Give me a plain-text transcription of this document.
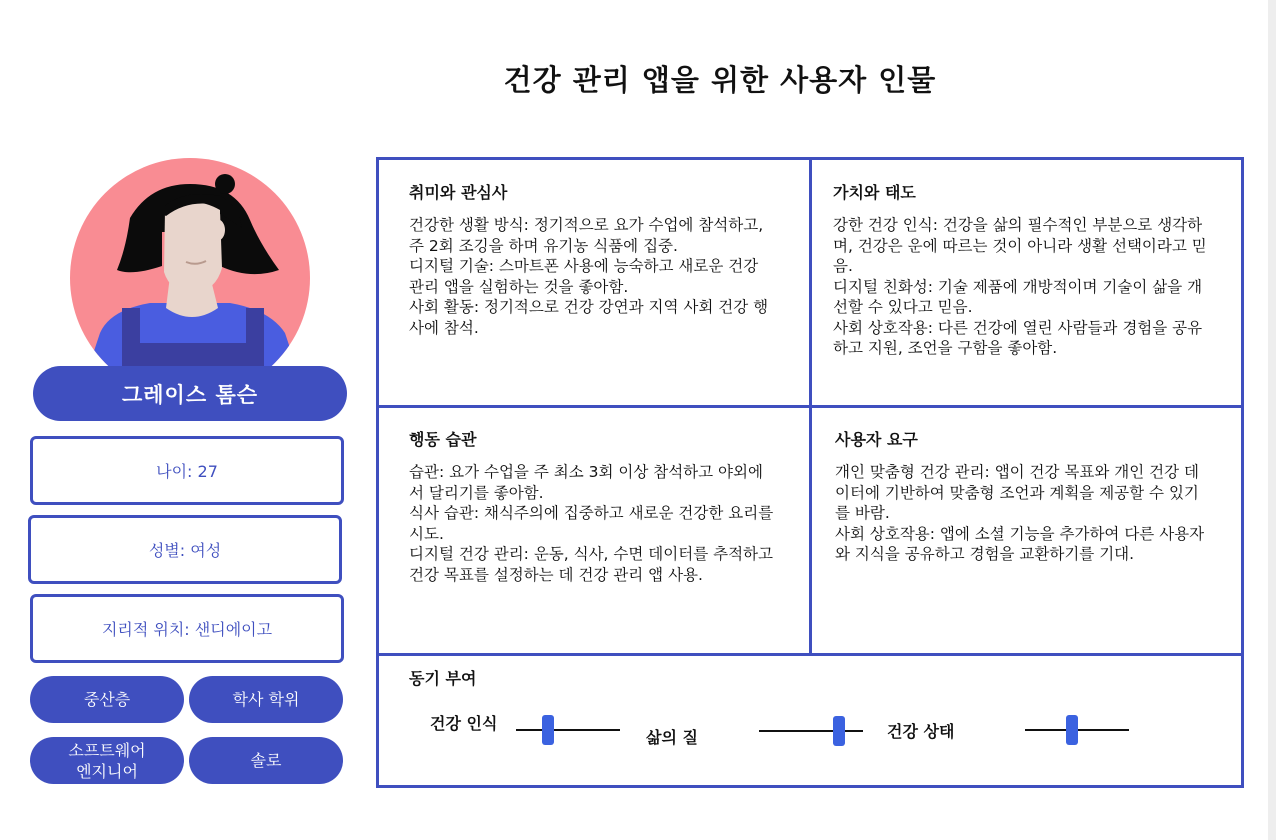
건강 관리 앱을 위한 사용자 인물
그레이스 톰슨
나이: 27
성별: 여성
지리적 위치: 샌디에이고
중산층	학사 학위
소프트웨어
엔지니어
솔로
취미와 관심사

건강한 생활 방식: 정기적으로 요가 수업에 참석하고, 주 2회 조깅을 하며 유기농 식품에 집중.

디지털 기술: 스마트폰 사용에 능숙하고 새로운 건강 관리 앱을 실험하는 것을 좋아함.

사회 활동: 정기적으로 건강 강연과 지역 사회 건강 행사에 참석.

가치와 태도

강한 건강 인식: 건강을 삶의 필수적인 부분으로 생각하며, 건강은 운에 따르는 것이 아니라 생활 선택이라고 믿음.

디지털 친화성: 기술 제품에 개방적이며 기술이 삶을 개선할 수 있다고 믿음.

사회 상호작용: 다른 건강에 열린 사람들과 경험을 공유하고 지원, 조언을 구함을 좋아함.

행동 습관

습관: 요가 수업을 주 최소 3회 이상 참석하고 야외에서 달리기를 좋아함.

식사 습관: 채식주의에 집중하고 새로운 건강한 요리를 시도.

디지털 건강 관리: 운동, 식사, 수면 데이터를 추적하고 건강 목표를 설정하는 데 건강 관리 앱 사용.

사용자 요구

개인 맞춤형 건강 관리: 앱이 건강 목표와 개인 건강 데이터에 기반하여 맞춤형 조언과 계획을 제공할 수 있기를 바람.

사회 상호작용: 앱에 소셜 기능을 추가하여 다른 사용자와 지식을 공유하고 경험을 교환하기를 기대.

동기 부여
건강 인식
삶의 질	건강 상태
